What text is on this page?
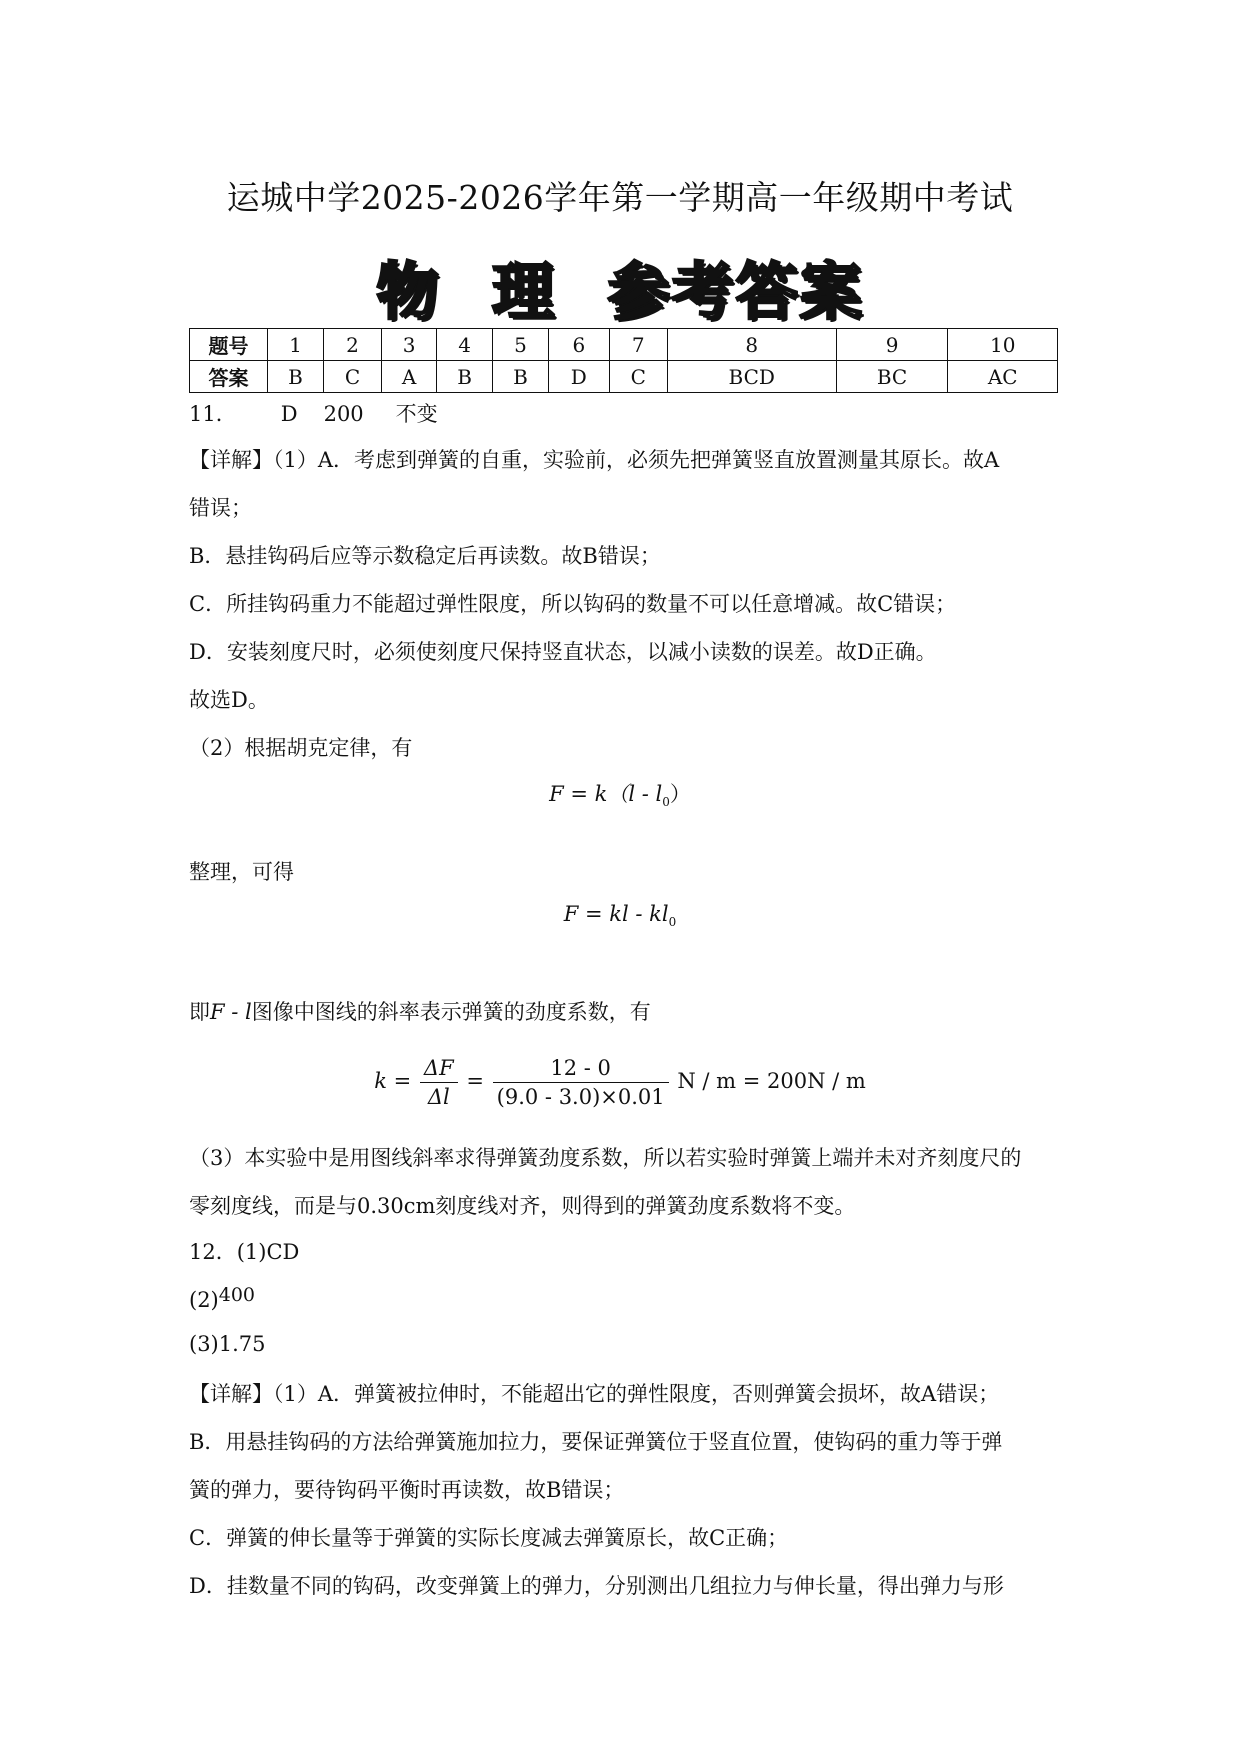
运城中学2025-2026学年第一学期高一年级期中考试
物 理 参考答案
题号	1	2	3	4	5	6	7	8	9	10
答案	B	C	A	B	B	D	C	BCD	BC	AC
11． D 200 不变
【详解】（1）A．考虑到弹簧的自重，实验前，必须先把弹簧竖直放置测量其原长。故A
错误；
B．悬挂钩码后应等示数稳定后再读数。故B错误；
C．所挂钩码重力不能超过弹性限度，所以钩码的数量不可以任意增减。故C错误；
D．安装刻度尺时，必须使刻度尺保持竖直状态，以减小读数的误差。故D正确。
故选D。
（2）根据胡克定律，有
$F = k(l - l_0)$
整理，可得
F = kl - $kl_0$
即F - l图像中图线的斜率表示弹簧的劲度系数，有
$k = \frac{\Delta F}{\Delta l} = \frac{12 - 0}{(9.0 - 3.0)\times 0.01}$ N / m = 200N / m
（3）本实验中是用图线斜率求得弹簧劲度系数，所以若实验时弹簧上端并未对齐刻度尺的
零刻度线，而是与0.30cm刻度线对齐，则得到的弹簧劲度系数将不变。
12．(1)CD
$(2)^{400}$
(3)1.75
【详解】（1）A．弹簧被拉伸时，不能超出它的弹性限度，否则弹簧会损坏，故A错误；
B．用悬挂钩码的方法给弹簧施加拉力，要保证弹簧位于竖直位置，使钩码的重力等于弹
簧的弹力，要待钩码平衡时再读数，故B错误；
C．弹簧的伸长量等于弹簧的实际长度减去弹簧原长，故C正确；
D．挂数量不同的钩码，改变弹簧上的弹力，分别测出几组拉力与伸长量，得出弹力与形
